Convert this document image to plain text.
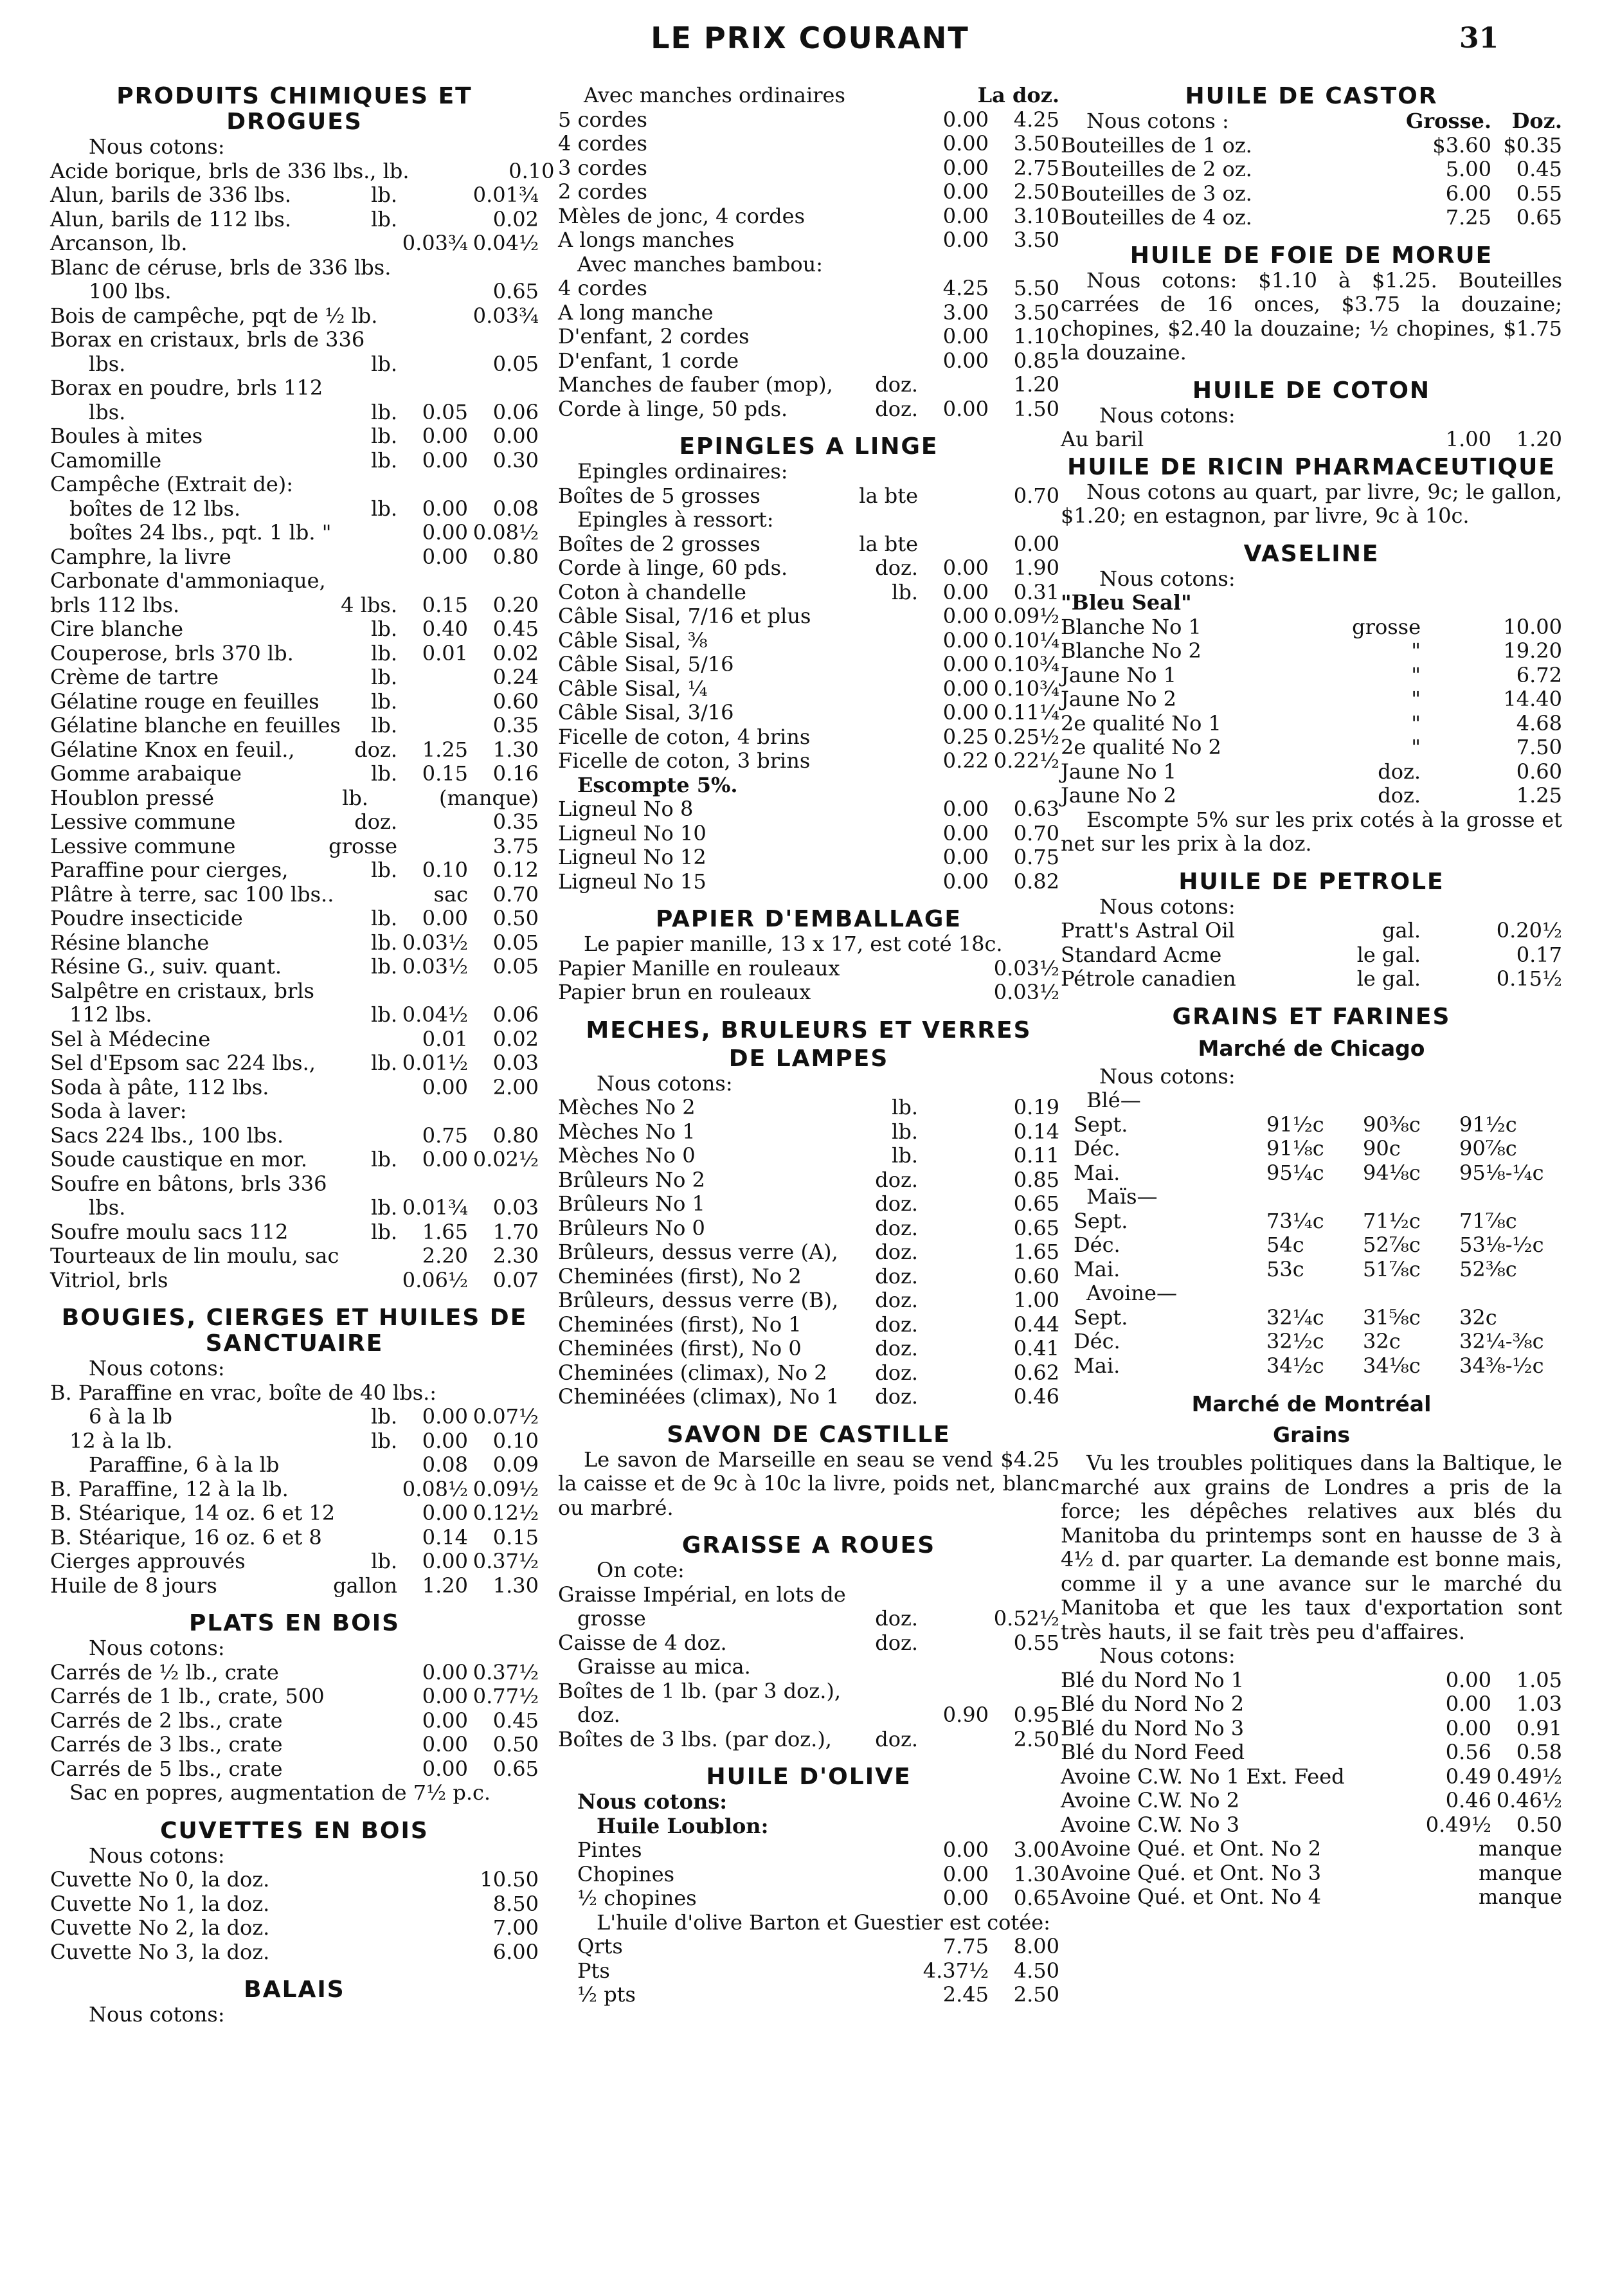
LE PRIX COURANT	31
PRODUITS CHIMIQUES ET DROGUES
Nous cotons:
Acide borique, brls de 336 lbs., lb.	0.10
Alun, barils de 336 lbs.	lb.	0.01¾
Alun, barils de 112 lbs.	lb.	0.02
Arcanson, lb.	0.03¾ 0.04½
Blanc de céruse, brls de 336 lbs.
100 lbs.	0.65
Bois de campêche, pqt de ½ lb.	0.03¾
Borax en cristaux, brls de 336
lbs.	lb.	0.05
Borax en poudre, brls 112
lbs.	lb.	0.05	0.06
Boules à mites	lb.	0.00	0.00
Camomille	lb.	0.00	0.30
Campêche (Extrait de):
boîtes de 12 lbs.	lb.	0.00	0.08
boîtes 24 lbs., pqt. 1 lb. "	0.00 0.08½
Camphre, la livre	0.00	0.80
Carbonate d'ammoniaque,
brls 112 lbs.	4 lbs.	0.15	0.20
Cire blanche	lb.	0.40	0.45
Couperose, brls 370 lb.	lb.	0.01	0.02
Crème de tartre	lb.	0.24
Gélatine rouge en feuilles	lb.	0.60
Gélatine blanche en feuilles	lb.	0.35
Gélatine Knox en feuil.,	doz.	1.25	1.30
Gomme arabaique	lb.	0.15	0.16
Houblon pressé	lb.	(manque)
Lessive commune	doz.	0.35
Lessive commune	grosse	3.75
Paraffine pour cierges,	lb.	0.10	0.12
Plâtre à terre, sac 100 lbs..	sac	0.70
Poudre insecticide	lb.	0.00	0.50
Résine blanche	lb. 0.03½	0.05
Résine G., suiv. quant.	lb. 0.03½	0.05
Salpêtre en cristaux, brls
112 lbs.	lb. 0.04½	0.06
Sel à Médecine	0.01	0.02
Sel d'Epsom sac 224 lbs.,	lb. 0.01½	0.03
Soda à pâte, 112 lbs.	0.00	2.00
Soda à laver:
Sacs 224 lbs., 100 lbs.	0.75	0.80
Soude caustique en mor.	lb.	0.00 0.02½
Soufre en bâtons, brls 336
lbs.	lb. 0.01¾	0.03
Soufre moulu sacs 112	lb.	1.65	1.70
Tourteaux de lin moulu, sac	2.20	2.30
Vitriol, brls	0.06½	0.07
BOUGIES, CIERGES ET HUILES DE SANCTUAIRE
Nous cotons:
B. Paraffine en vrac, boîte de 40 lbs.:
6 à la lb	lb.	0.00 0.07½
12 à la lb.	lb.	0.00	0.10
Paraffine, 6 à la lb	0.08	0.09
B. Paraffine, 12 à la lb.	0.08½ 0.09½
B. Stéarique, 14 oz. 6 et 12	0.00 0.12½
B. Stéarique, 16 oz. 6 et 8	0.14	0.15
Cierges approuvés	lb.	0.00 0.37½
Huile de 8 jours	gallon	1.20	1.30
PLATS EN BOIS
Nous cotons:
Carrés de ½ lb., crate	0.00 0.37½
Carrés de 1 lb., crate, 500	0.00 0.77½
Carrés de 2 lbs., crate	0.00	0.45
Carrés de 3 lbs., crate	0.00	0.50
Carrés de 5 lbs., crate	0.00	0.65
Sac en popres, augmentation de 7½ p.c.
CUVETTES EN BOIS
Nous cotons:
Cuvette No 0, la doz.	10.50
Cuvette No 1, la doz.	8.50
Cuvette No 2, la doz.	7.00
Cuvette No 3, la doz.	6.00
BALAIS
Nous cotons:
Avec manches ordinaires	La doz.
5 cordes	0.00	4.25
4 cordes	0.00	3.50
3 cordes	0.00	2.75
2 cordes	0.00	2.50
Mèles de jonc, 4 cordes	0.00	3.10
A longs manches	0.00	3.50
Avec manches bambou:
4 cordes	4.25	5.50
A long manche	3.00	3.50
D'enfant, 2 cordes	0.00	1.10
D'enfant, 1 corde	0.00	0.85
Manches de fauber (mop),	doz.	1.20
Corde à linge, 50 pds.	doz.	0.00	1.50
EPINGLES A LINGE
Epingles ordinaires:
Boîtes de 5 grosses	la bte	0.70
Epingles à ressort:
Boîtes de 2 grosses	la bte	0.00
Corde à linge, 60 pds.	doz.	0.00	1.90
Coton à chandelle	lb.	0.00	0.31
Câble Sisal, 7/16 et plus	0.00 0.09½
Câble Sisal, ⅜	0.00 0.10¼
Câble Sisal, 5/16	0.00 0.10¾
Câble Sisal, ¼	0.00 0.10¾
Câble Sisal, 3/16	0.00 0.11¼
Ficelle de coton, 4 brins	0.25 0.25½
Ficelle de coton, 3 brins	0.22 0.22½
Escompte 5%.
Ligneul No 8	0.00	0.63
Ligneul No 10	0.00	0.70
Ligneul No 12	0.00	0.75
Ligneul No 15	0.00	0.82
PAPIER D'EMBALLAGE
Le papier manille, 13 x 17, est coté 18c.
Papier Manille en rouleaux	0.03½
Papier brun en rouleaux	0.03½
MECHES, BRULEURS ET VERRES
DE LAMPES
Nous cotons:
Mèches No 2	lb.	0.19
Mèches No 1	lb.	0.14
Mèches No 0	lb.	0.11
Brûleurs No 2	doz.	0.85
Brûleurs No 1	doz.	0.65
Brûleurs No 0	doz.	0.65
Brûleurs, dessus verre (A),	doz.	1.65
Cheminées (first), No 2	doz.	0.60
Brûleurs, dessus verre (B),	doz.	1.00
Cheminées (first), No 1	doz.	0.44
Cheminées (first), No 0	doz.	0.41
Cheminées (climax), No 2	doz.	0.62
Cheminéées (climax), No 1	doz.	0.46
SAVON DE CASTILLE
Le savon de Marseille en seau se vend $4.25 la caisse et de 9c à 10c la livre, poids net, blanc ou marbré.
GRAISSE A ROUES
On cote:
Graisse Impérial, en lots de
grosse	doz.	0.52½
Caisse de 4 doz.	doz.	0.55
Graisse au mica.
Boîtes de 1 lb. (par 3 doz.),
doz.	0.90	0.95
Boîtes de 3 lbs. (par doz.),	doz.	2.50
HUILE D'OLIVE
Nous cotons:
Huile Loublon:
Pintes	0.00	3.00
Chopines	0.00	1.30
½ chopines	0.00	0.65
L'huile d'olive Barton et Guestier est cotée:
Qrts	7.75	8.00
Pts	4.37½	4.50
½ pts	2.45	2.50
HUILE DE CASTOR
Nous cotons :	Grosse. Doz.
Bouteilles de 1 oz.	$3.60 $0.35
Bouteilles de 2 oz.	5.00	0.45
Bouteilles de 3 oz.	6.00	0.55
Bouteilles de 4 oz.	7.25	0.65
HUILE DE FOIE DE MORUE
Nous cotons: $1.10 à $1.25. Bouteilles carrées de 16 onces, $3.75 la douzaine; chopines, $2.40 la douzaine; ½ chopines, $1.75 la douzaine.
HUILE DE COTON
Nous cotons:
Au baril	1.00	1.20
HUILE DE RICIN PHARMACEUTIQUE
Nous cotons au quart, par livre, 9c; le gallon, $1.20; en estagnon, par livre, 9c à 10c.
VASELINE
Nous cotons:
"Bleu Seal"
Blanche No 1	grosse	10.00
Blanche No 2	"	19.20
Jaune No 1	"	6.72
Jaune No 2	"	14.40
2e qualité No 1	"	4.68
2e qualité No 2	"	7.50
Jaune No 1	doz.	0.60
Jaune No 2	doz.	1.25
Escompte 5% sur les prix cotés à la grosse et net sur les prix à la doz.
HUILE DE PETROLE
Nous cotons:
Pratt's Astral Oil	gal.	0.20½
Standard Acme	le gal.	0.17
Pétrole canadien	le gal.	0.15½
GRAINS ET FARINES
Marché de Chicago
Nous cotons:
Blé—
Sept.	91½c	90⅜c	91½c
Déc.	91⅛c	90c	90⅞c
Mai.	95¼c	94⅛c	95⅛-¼c
Maïs—
Sept.	73¼c	71½c	71⅞c
Déc.	54c	52⅞c	53⅛-½c
Mai.	53c	51⅞c	52⅜c
Avoine—
Sept.	32¼c	31⅝c	32c
Déc.	32½c	32c	32¼-⅜c
Mai.	34½c	34⅛c	34⅜-½c
Marché de Montréal
Grains
Vu les troubles politiques dans la Baltique, le marché aux grains de Londres a pris de la force; les dépêches relatives aux blés du Manitoba du printemps sont en hausse de 3 à 4½ d. par quarter. La demande est bonne mais, comme il y a une avance sur le marché du Manitoba et que les taux d'exportation sont très hauts, il se fait très peu d'affaires.
Nous cotons:
Blé du Nord No 1	0.00	1.05
Blé du Nord No 2	0.00	1.03
Blé du Nord No 3	0.00	0.91
Blé du Nord Feed	0.56	0.58
Avoine C.W. No 1 Ext. Feed	0.49 0.49½
Avoine C.W. No 2	0.46 0.46½
Avoine C.W. No 3	0.49½	0.50
Avoine Qué. et Ont. No 2	manque
Avoine Qué. et Ont. No 3	manque
Avoine Qué. et Ont. No 4	manque
